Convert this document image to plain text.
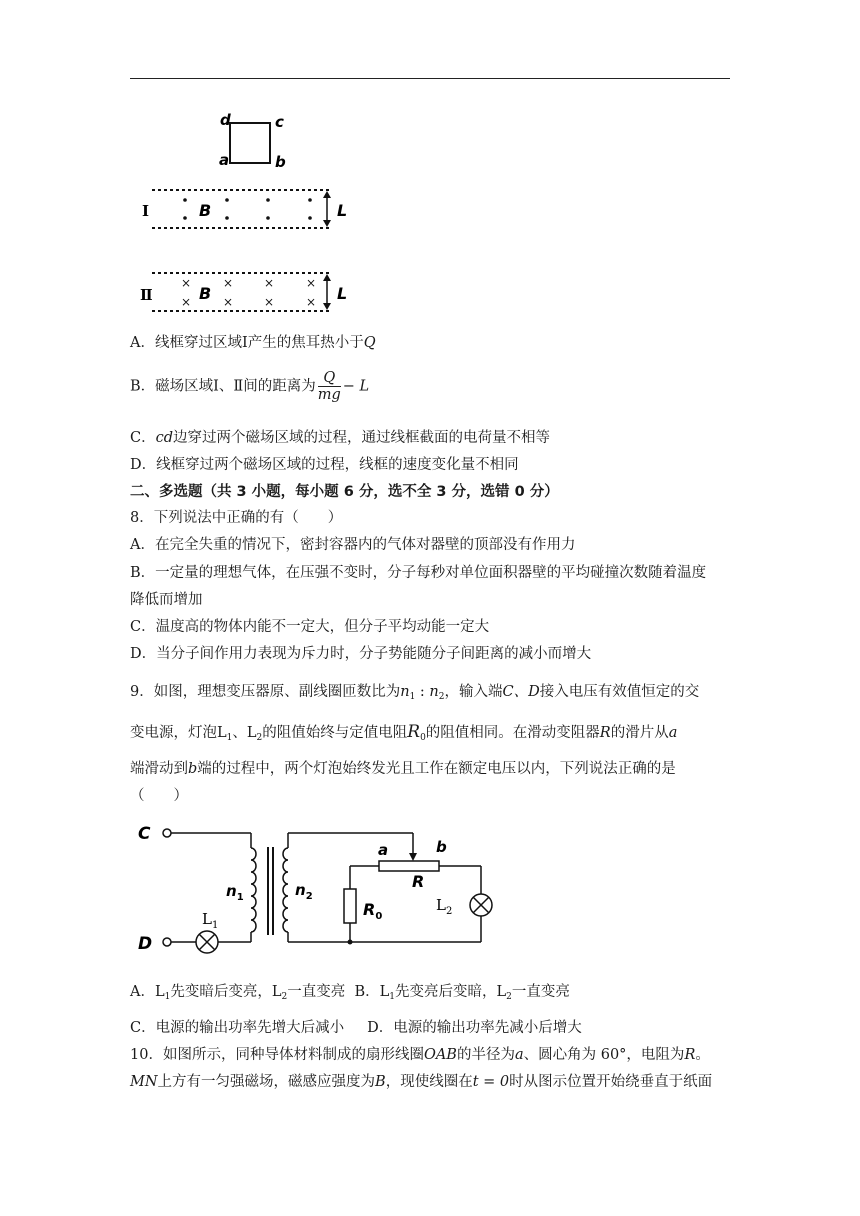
d	c
a	b
Ⅰ	B	L
Ⅱ
×
×
×
×
×
×
×
×
B	L
A．线框穿过区域Ⅰ产生的焦耳热小于Q
B．磁场区域Ⅰ、Ⅱ间的距离为 $\frac{Q}{mg} - L$
C．cd边穿过两个磁场区域的过程，通过线框截面的电荷量不相等
D．线框穿过两个磁场区域的过程，线框的速度变化量不相同
二、多选题（共 3 小题，每小题 6 分，选不全 3 分，选错 0 分）
8．下列说法中正确的有（　　）
A．在完全失重的情况下，密封容器内的气体对器壁的顶部没有作用力
B．一定量的理想气体，在压强不变时，分子每秒对单位面积器壁的平均碰撞次数随着温度
降低而增加
C．温度高的物体内能不一定大，但分子平均动能一定大
D．当分子间作用力表现为斥力时，分子势能随分子间距离的减小而增大
9．如图，理想变压器原、副线圈匝数比为$n_1$ : $n_2$，输入端C、D接入电压有效值恒定的交
变电源，灯泡$L_1$、$L_2$的阻值始终与定值电阻$R_0$的阻值相同。在滑动变阻器R的滑片从a
端滑动到b端的过程中，两个灯泡始终发光且工作在额定电压以内，下列说法正确的是
（　　）
C
D
$n_1$	$n_2$
$L_1$
$L_2$
R
$R_0$
a	b
A．$L_1$先变暗后变亮，$L_2$一直变亮 B．$L_1$先变亮后变暗，$L_2$一直变亮
C．电源的输出功率先增大后减小 D．电源的输出功率先减小后增大
10．如图所示，同种导体材料制成的扇形线圈OAB的半径为a、圆心角为 60°，电阻为R。
MN上方有一匀强磁场，磁感应强度为B，现使线圈在t = 0时从图示位置开始绕垂直于纸面
